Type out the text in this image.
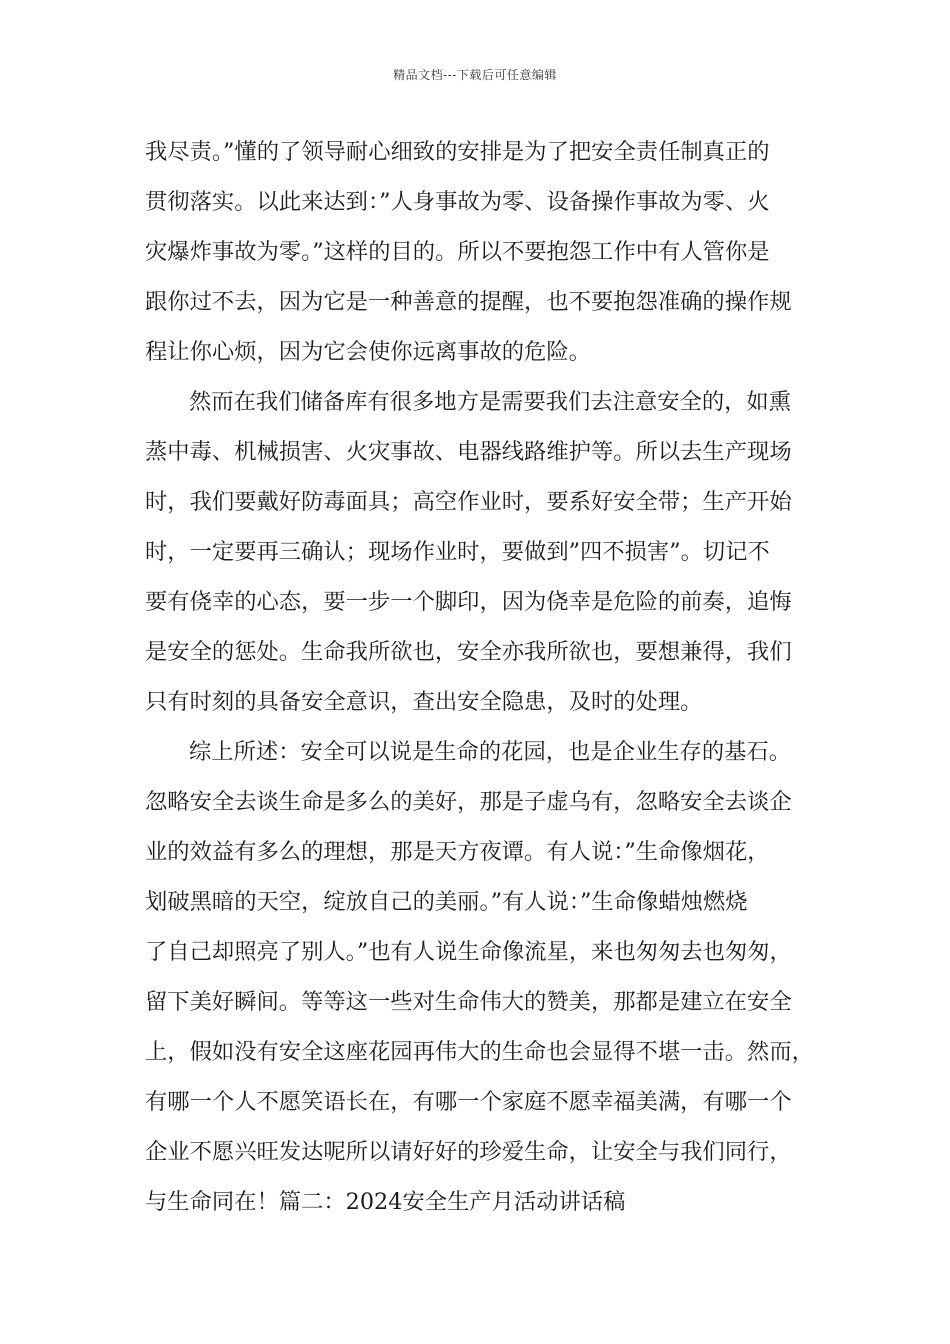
精品文档---下载后可任意编辑
我尽责。”懂的了领导耐心细致的安排是为了把安全责任制真正的
贯彻落实。以此来达到：”人身事故为零、设备操作事故为零、火
灾爆炸事故为零。”这样的目的。所以不要抱怨工作中有人管你是
跟你过不去，因为它是一种善意的提醒，也不要抱怨准确的操作规
程让你心烦，因为它会使你远离事故的危险。
然而在我们储备库有很多地方是需要我们去注意安全的，如熏
蒸中毒、机械损害、火灾事故、电器线路维护等。所以去生产现场
时，我们要戴好防毒面具；高空作业时，要系好安全带；生产开始
时，一定要再三确认；现场作业时，要做到”四不损害”。切记不
要有侥幸的心态，要一步一个脚印，因为侥幸是危险的前奏，追悔
是安全的惩处。生命我所欲也，安全亦我所欲也，要想兼得，我们
只有时刻的具备安全意识，查出安全隐患，及时的处理。
综上所述：安全可以说是生命的花园，也是企业生存的基石。
忽略安全去谈生命是多么的美好，那是子虚乌有，忽略安全去谈企
业的效益有多么的理想，那是天方夜谭。有人说：”生命像烟花，
划破黑暗的天空，绽放自己的美丽。”有人说：”生命像蜡烛燃烧
了自己却照亮了别人。”也有人说生命像流星，来也匆匆去也匆匆，
留下美好瞬间。等等这一些对生命伟大的赞美，那都是建立在安全
上，假如没有安全这座花园再伟大的生命也会显得不堪一击。然而，
有哪一个人不愿笑语长在，有哪一个家庭不愿幸福美满，有哪一个
企业不愿兴旺发达呢所以请好好的珍爱生命，让安全与我们同行，
与生命同在！篇二：2024安全生产月活动讲话稿
